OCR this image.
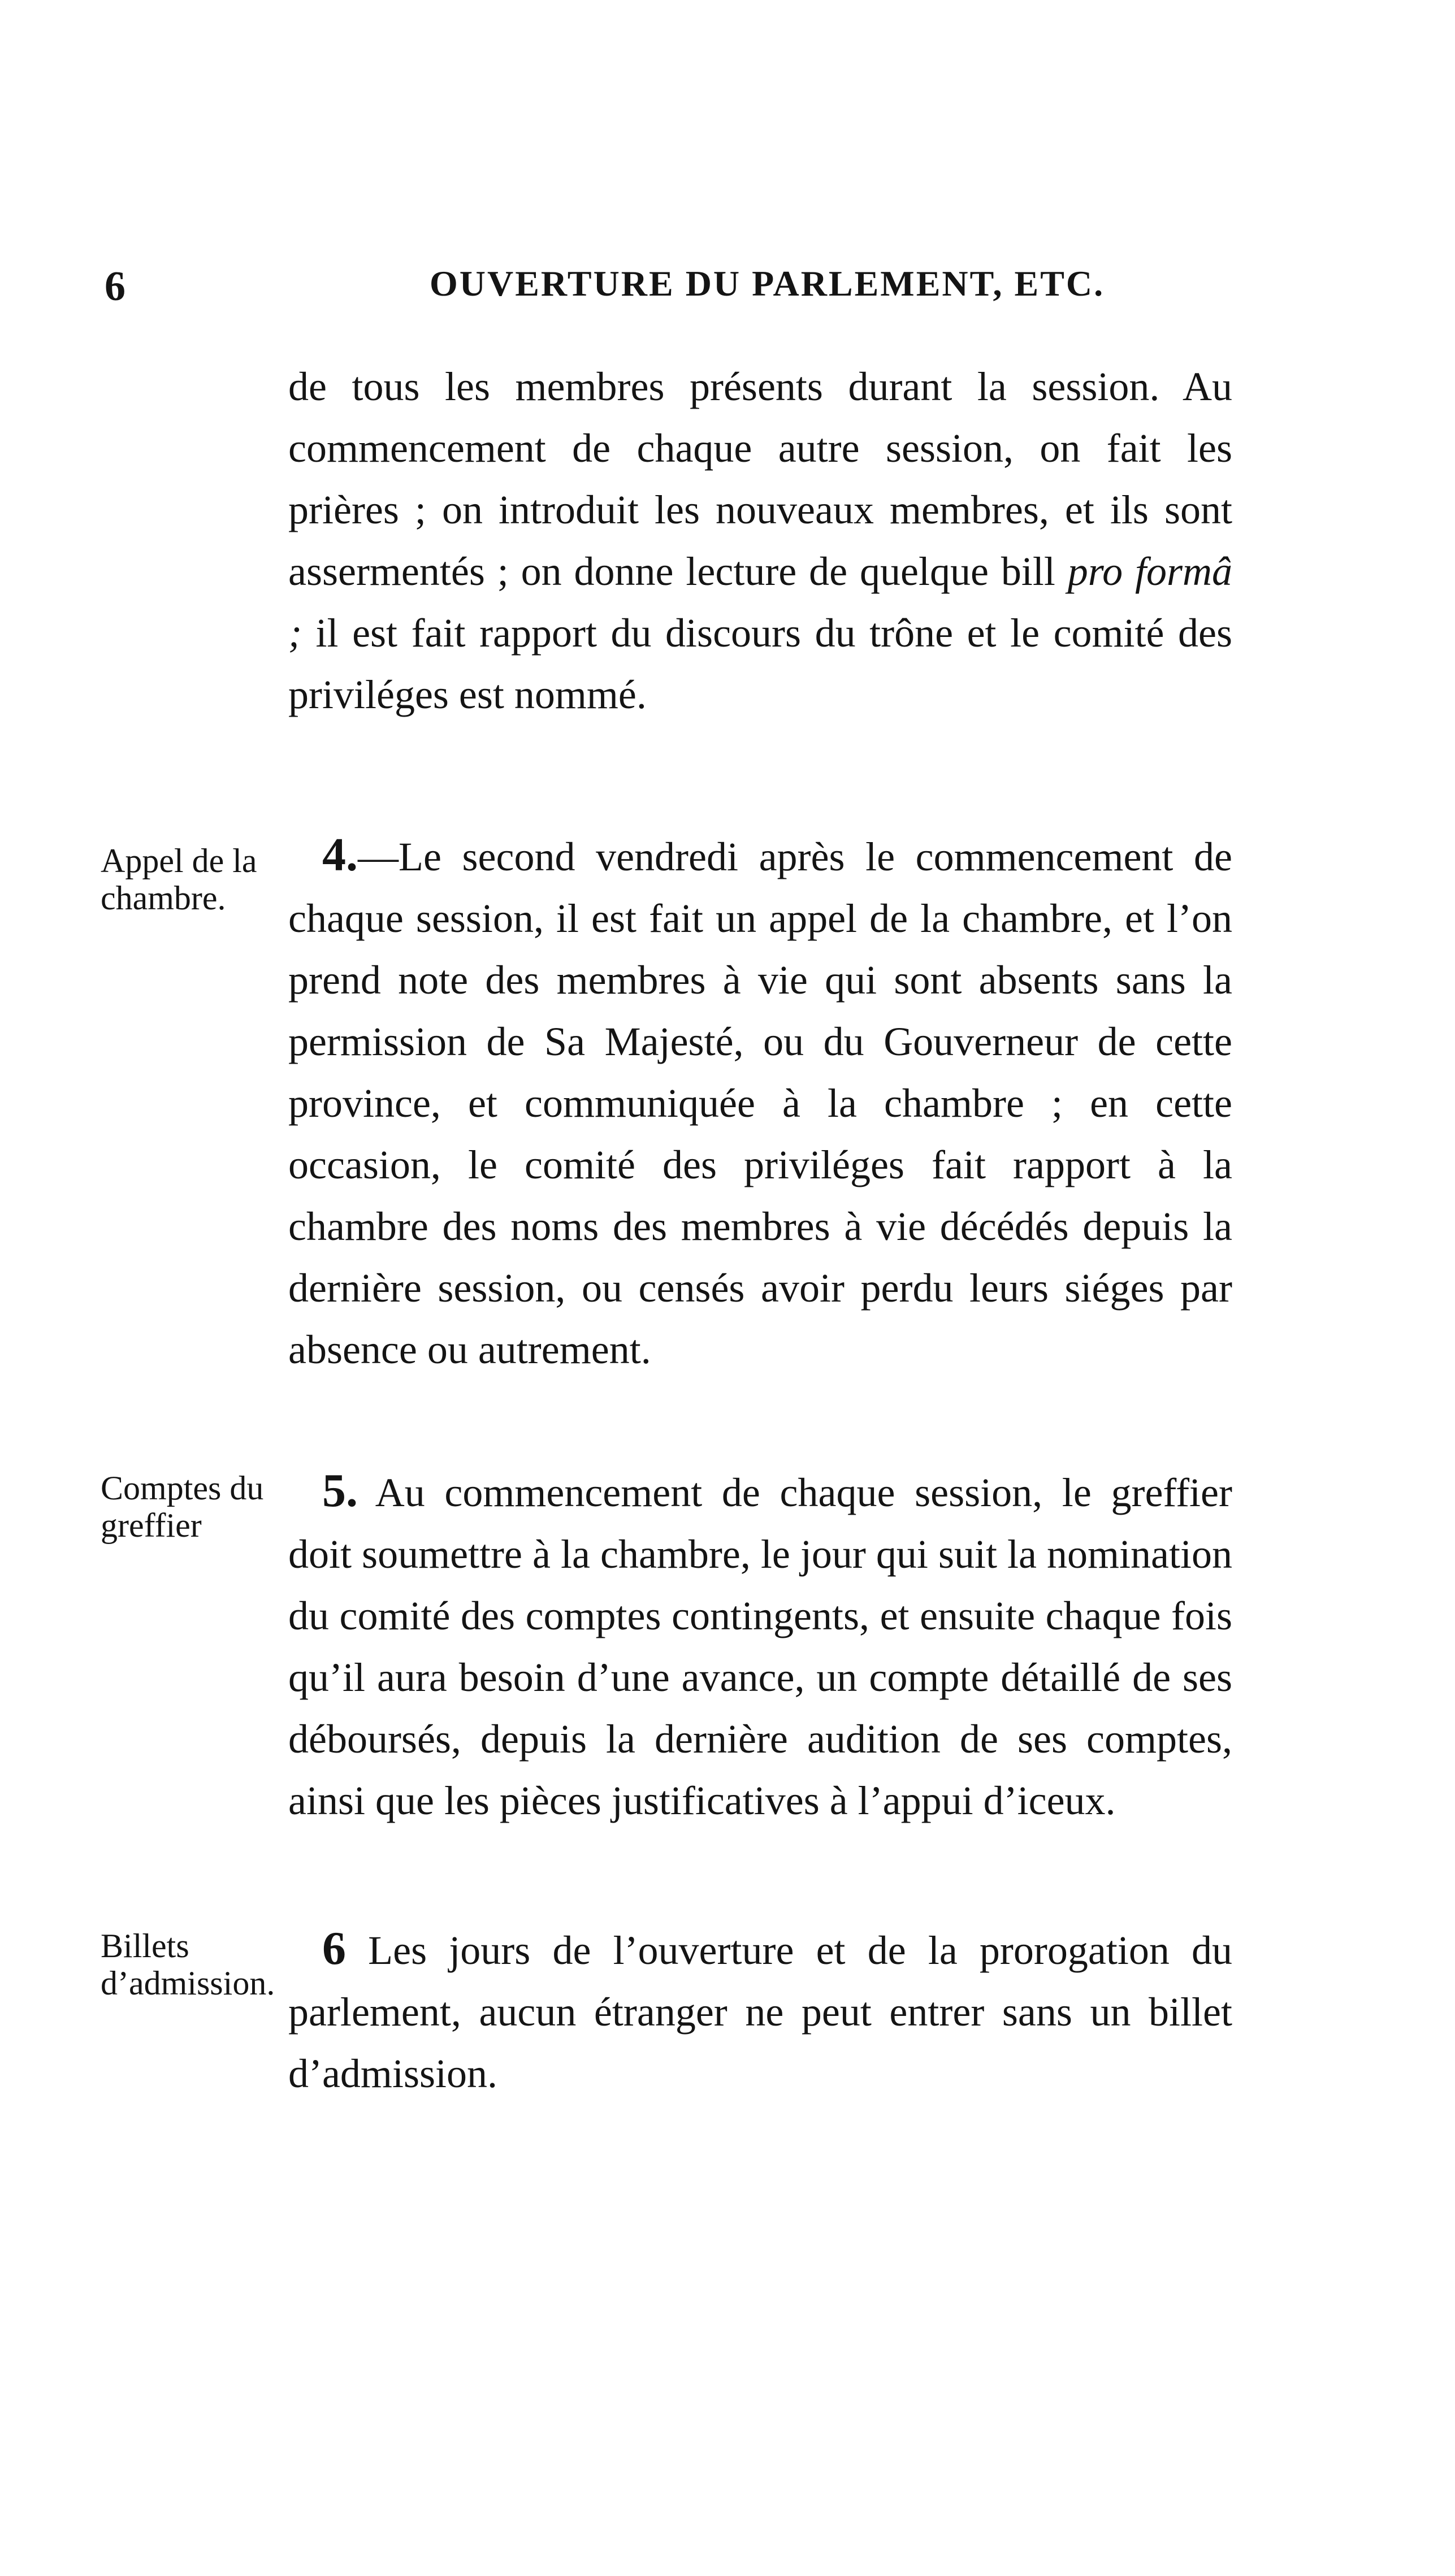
6	OUVERTURE DU PARLEMENT, ETC.

de tous les membres présents durant la session. Au commencement de chaque autre session, on fait les prières ; on introduit les nouveaux membres, et ils sont assermentés ; on donne lecture de quelque bill pro formâ ; il est fait rapport du discours du trône et le comité des priviléges est nommé.

Appel de la chambre.

4.—Le second vendredi après le commencement de chaque session, il est fait un appel de la chambre, et l’on prend note des membres à vie qui sont absents sans la permission de Sa Majesté, ou du Gouverneur de cette province, et communiquée à la chambre ; en cette occasion, le comité des priviléges fait rapport à la chambre des noms des membres à vie décédés depuis la dernière session, ou censés avoir perdu leurs siéges par absence ou autrement.

Comptes du greffier

5. Au commencement de chaque session, le greffier doit soumettre à la chambre, le jour qui suit la nomination du comité des comptes contingents, et ensuite chaque fois qu’il aura besoin d’une avance, un compte détaillé de ses déboursés, depuis la dernière audition de ses comptes, ainsi que les pièces justificatives à l’appui d’iceux.

Billets d’admission.

6 Les jours de l’ouverture et de la prorogation du parlement, aucun étranger ne peut entrer sans un billet d’admission.
